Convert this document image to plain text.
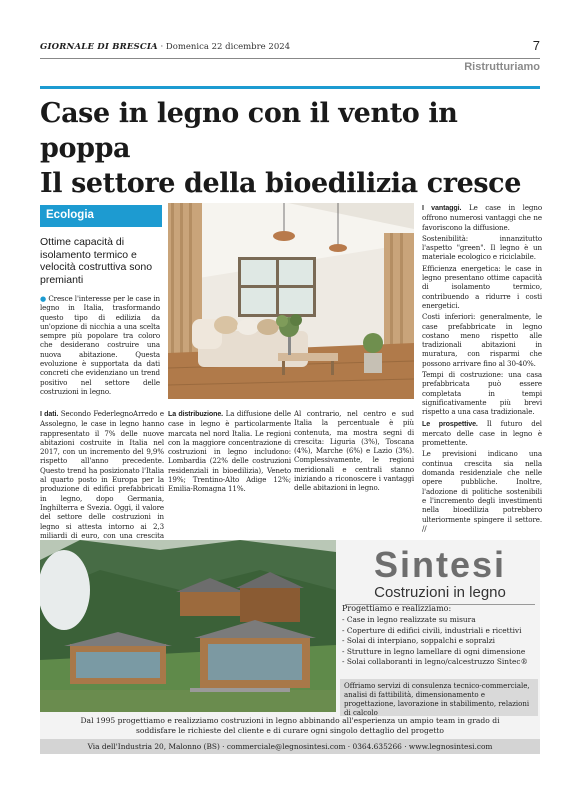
GIORNALE DI BRESCIA · Domenica 22 dicembre 2024	7
Ristrutturiamo
Case in legno con il vento in poppa
Il settore della bioedilizia cresce
Ecologia
Ottime capacità di isolamento termico e velocità costruttiva sono premianti
● Cresce l'interesse per le case in legno in Italia, trasformando questo tipo di edilizia da un'opzione di nicchia a una scelta sempre più popolare tra coloro che desiderano costruire una nuova abitazione. Questa evoluzione è supportata da dati concreti che evidenziano un trend positivo nel settore delle costruzioni in legno.

I dati. Secondo FederlegnoArredo e Assolegno, le case in legno hanno rappresentato il 7% delle nuove abitazioni costruite in Italia nel 2017, con un incremento del 9,9% rispetto all'anno precedente. Questo trend ha posizionato l'Italia al quarto posto in Europa per la produzione di edifici prefabbricati in legno, dopo Germania, Inghilterra e Svezia. Oggi, il valore del settore delle costruzioni in legno si attesta intorno ai 2,3 miliardi di euro, con una crescita

La distribuzione. La diffusione delle case in legno è particolarmente marcata nel nord Italia. Le regioni con la maggiore concentrazione di costruzioni in legno includono: Lombardia (22% delle costruzioni residenziali in bioedilizia), Veneto 19%; Trentino-Alto Adige 12%; Emilia-Romagna 11%.

Al contrario, nel centro e sud Italia la percentuale è più contenuta, ma mostra segni di crescita: Liguria (3%), Toscana (4%), Marche (6%) e Lazio (3%). Complessivamente, le regioni meridionali e centrali stanno iniziando a riconoscere i vantaggi delle abitazioni in legno.

I vantaggi. Le case in legno offrono numerosi vantaggi che ne favoriscono la diffusione.

Sostenibilità: innanzitutto l'aspetto "green". Il legno è un materiale ecologico e riciclabile.

Efficienza energetica: le case in legno presentano ottime capacità di isolamento termico, contribuendo a ridurre i costi energetici.

Costi inferiori: generalmente, le case prefabbricate in legno costano meno rispetto alle tradizionali abitazioni in muratura, con risparmi che possono arrivare fino al 30-40%.

Tempi di costruzione: una casa prefabbricata può essere completata in tempi significativamente più brevi rispetto a una casa tradizionale.

Le prospettive. Il futuro del mercato delle case in legno è promettente.

Le previsioni indicano una continua crescita sia nella domanda residenziale che nelle opere pubbliche. Inoltre, l'adozione di politiche sostenibili e l'incremento degli investimenti nella bioedilizia potrebbero ulteriormente spingere il settore. //

Sintesi
Costruzioni in legno
Progettiamo e realizziamo:
- Case in legno realizzate su misura
- Coperture di edifici civili, industriali e ricettivi
- Solai di interpiano, soppalchi e sopralzi
- Strutture in legno lamellare di ogni dimensione
- Solai collaboranti in legno/calcestruzzo Sintec®
Offriamo servizi di consulenza tecnico-commerciale, analisi di fattibilità, dimensionamento e progettazione, lavorazione in stabilimento, relazioni di calcolo
Dal 1995 progettiamo e realizziamo costruzioni in legno abbinando all'esperienza un ampio team in grado di soddisfare le richieste del cliente e di curare ogni singolo dettaglio del progetto
Via dell'Industria 20, Malonno (BS) · commerciale@legnosintesi.com · 0364.635266 · www.legnosintesi.com
